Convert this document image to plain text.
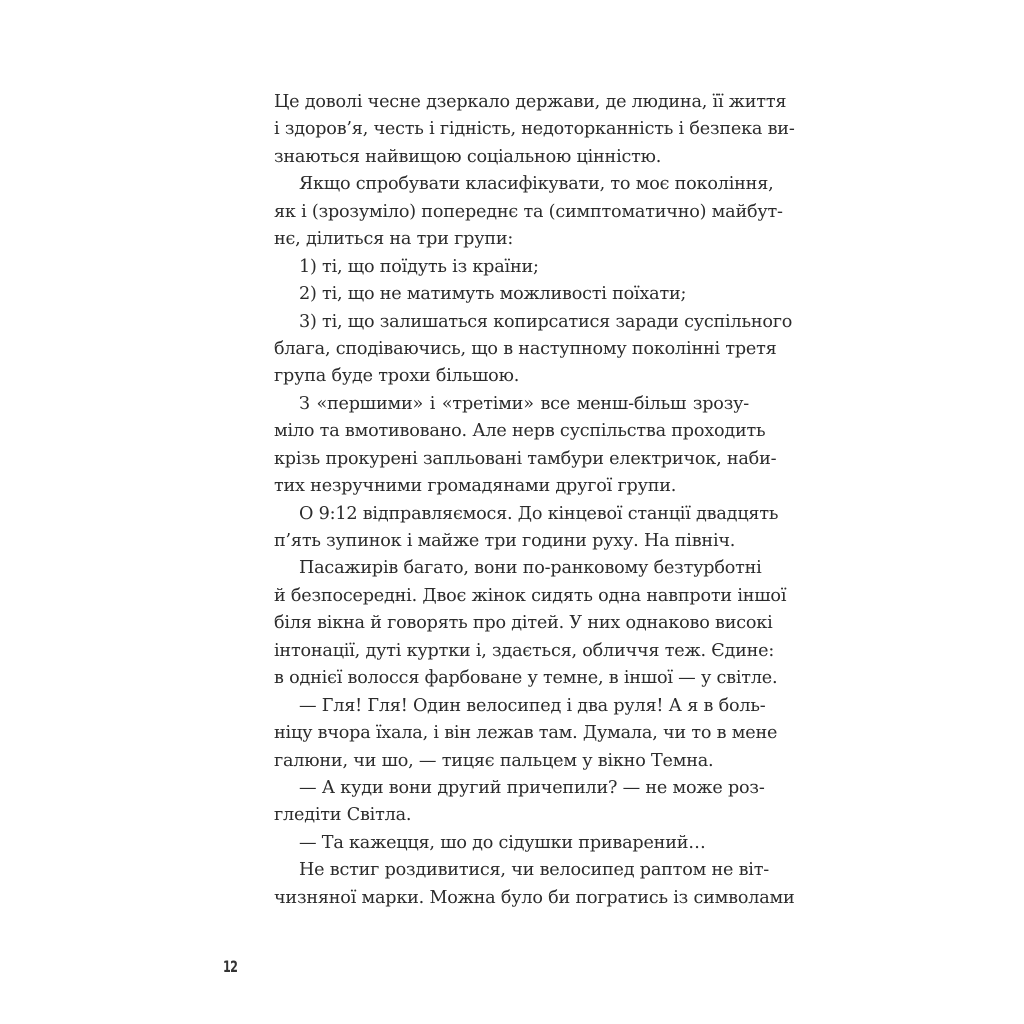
Це доволі чесне дзеркало держави, де людина, її життя
і здоров’я, честь і гідність, недоторканність і безпека ви-
знаються найвищою соціальною цінністю.
Якщо спробувати класифікувати, то моє покоління,
як і (зрозуміло) попереднє та (симптоматично) майбут-
нє, ділиться на три групи:
1) ті, що поїдуть із країни;
2) ті, що не матимуть можливості поїхати;
3) ті, що залишаться копирсатися заради суспільного
блага, сподіваючись, що в наступному поколінні третя
група буде трохи більшою.
З «першими» і «третіми» все менш-більш зрозу-
міло та вмотивовано. Але нерв суспільства проходить
крізь прокурені запльовані тамбури електричок, наби-
тих незручними громадянами другої групи.
О 9:12 відправляємося. До кінцевої станції двадцять
п’ять зупинок і майже три години руху. На північ.
Пасажирів багато, вони по-ранковому безтурботні
й безпосередні. Двоє жінок сидять одна навпроти іншої
біля вікна й говорять про дітей. У них однаково високі
інтонації, дуті куртки і, здається, обличчя теж. Єдине:
в однієї волосся фарбоване у темне, в іншої — у світле.
— Гля! Гля! Один велосипед і два руля! А я в боль-
ніцу вчора їхала, і він лежав там. Думала, чи то в мене
галюни, чи шо, — тицяє пальцем у вікно Темна.
— А куди вони другий причепили? — не може роз-
гледіти Світла.
— Та кажецця, шо до сідушки приварений…
Не встиг роздивитися, чи велосипед раптом не віт-
чизняної марки. Можна було би погратись із символами
12
